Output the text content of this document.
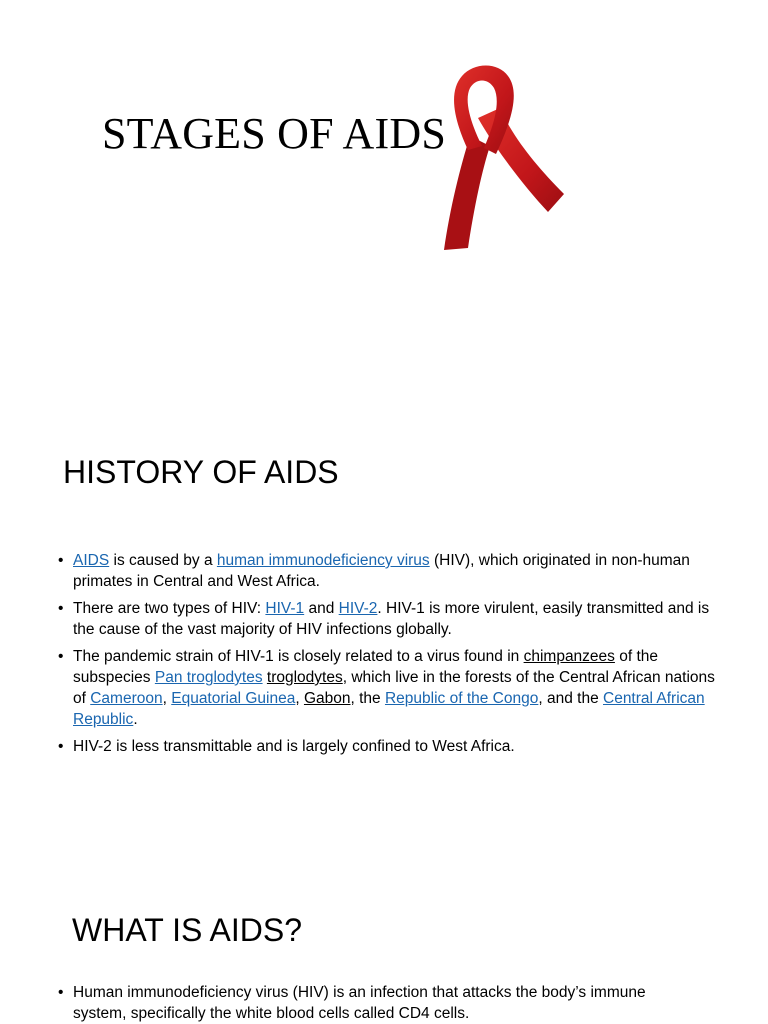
STAGES OF AIDS
HISTORY OF AIDS
• AIDS is caused by a human immunodeficiency virus (HIV), which originated in non-human primates in Central and West Africa.
• There are two types of HIV: HIV-1 and HIV-2. HIV-1 is more virulent, easily transmitted and is the cause of the vast majority of HIV infections globally.
• The pandemic strain of HIV-1 is closely related to a virus found in chimpanzees of the subspecies Pan troglodytes troglodytes, which live in the forests of the Central African nations of Cameroon, Equatorial Guinea, Gabon, the Republic of the Congo, and the Central African Republic.
• HIV-2 is less transmittable and is largely confined to West Africa.
WHAT IS AIDS?
• Human immunodeficiency virus (HIV) is an infection that attacks the body’s immune system, specifically the white blood cells called CD4 cells.
